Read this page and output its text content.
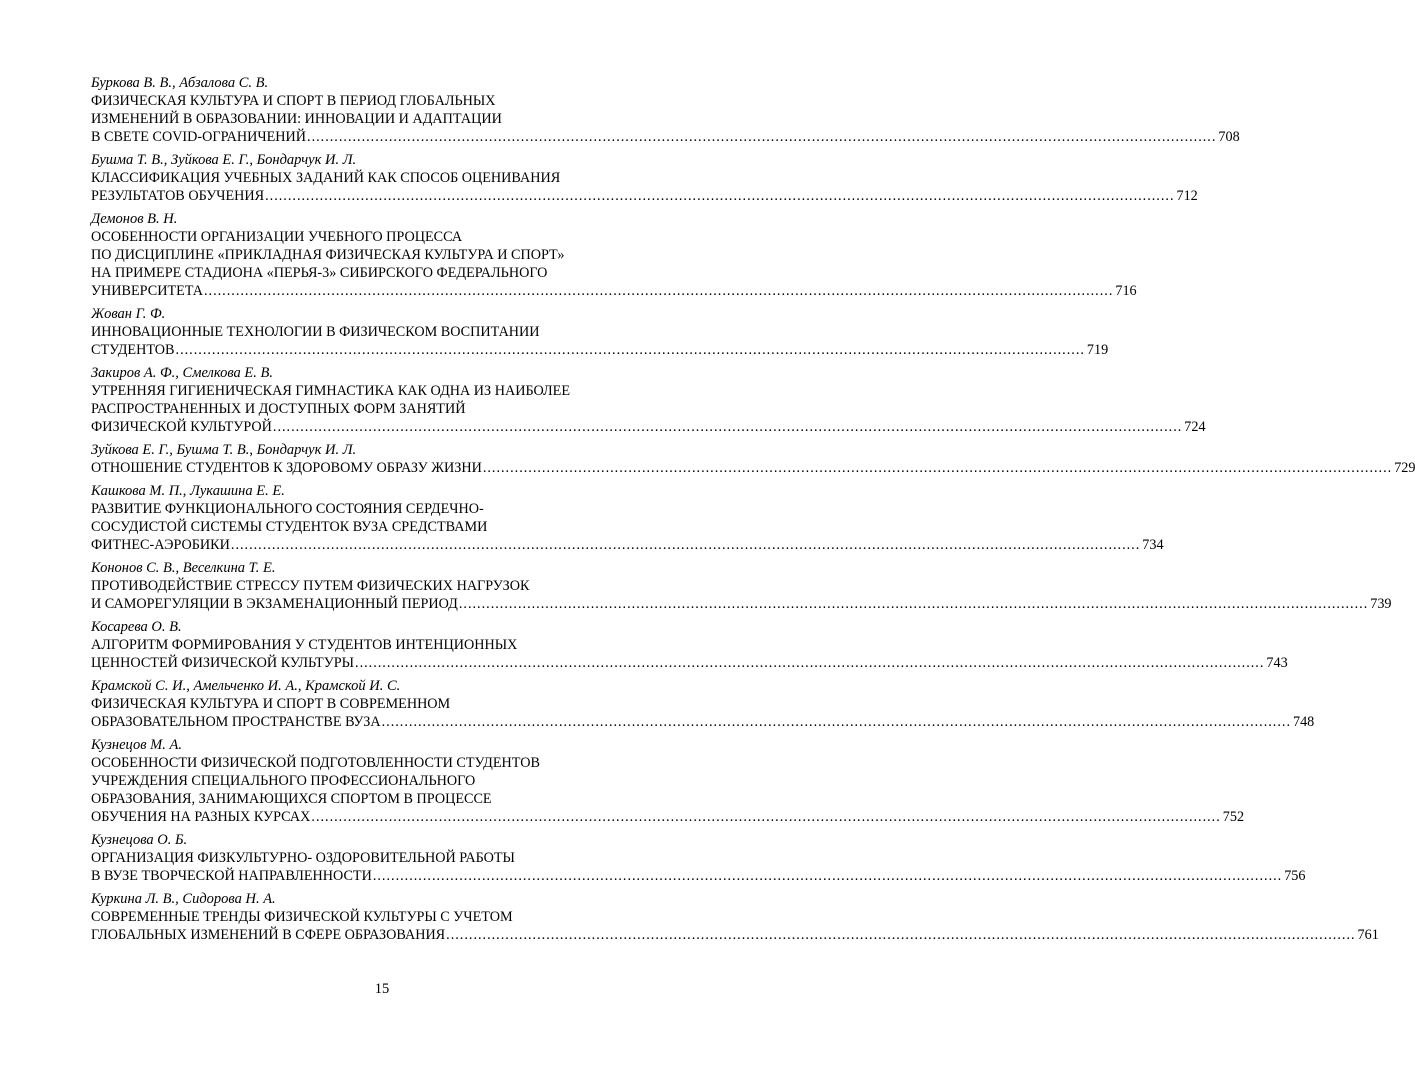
Буркова В. В., Абзалова С. В.
ФИЗИЧЕСКАЯ КУЛЬТУРА И СПОРТ В ПЕРИОД ГЛОБАЛЬНЫХ
ИЗМЕНЕНИЙ В ОБРАЗОВАНИИ: ИННОВАЦИИ И АДАПТАЦИИ
В СВЕТЕ COVID-ОГРАНИЧЕНИЙ ........................................................................................................................................................................................................ 708
Бушма Т. В., Зуйкова Е. Г., Бондарчук И. Л.
КЛАССИФИКАЦИЯ УЧЕБНЫХ ЗАДАНИЙ КАК СПОСОБ ОЦЕНИВАНИЯ
РЕЗУЛЬТАТОВ ОБУЧЕНИЯ ........................................................................................................................................................................................................ 712
Демонов В. Н.
ОСОБЕННОСТИ ОРГАНИЗАЦИИ УЧЕБНОГО ПРОЦЕССА
ПО ДИСЦИПЛИНЕ «ПРИКЛАДНАЯ ФИЗИЧЕСКАЯ КУЛЬТУРА И СПОРТ»
НА ПРИМЕРЕ СТАДИОНА «ПЕРЬЯ-3» СИБИРСКОГО ФЕДЕРАЛЬНОГО
УНИВЕРСИТЕТА ........................................................................................................................................................................................................ 716
Жован Г. Ф.
ИННОВАЦИОННЫЕ ТЕХНОЛОГИИ В ФИЗИЧЕСКОМ ВОСПИТАНИИ
СТУДЕНТОВ ........................................................................................................................................................................................................ 719
Закиров А. Ф., Смелкова Е. В.
УТРЕННЯЯ ГИГИЕНИЧЕСКАЯ ГИМНАСТИКА КАК ОДНА ИЗ НАИБОЛЕЕ
РАСПРОСТРАНЕННЫХ И ДОСТУПНЫХ ФОРМ ЗАНЯТИЙ
ФИЗИЧЕСКОЙ КУЛЬТУРОЙ ........................................................................................................................................................................................................ 724
Зуйкова Е. Г., Бушма Т. В., Бондарчук И. Л.
ОТНОШЕНИЕ СТУДЕНТОВ К ЗДОРОВОМУ ОБРАЗУ ЖИЗНИ ........................................................................................................................................................................................................ 729
Кашкова М. П., Лукашина Е. Е.
РАЗВИТИЕ ФУНКЦИОНАЛЬНОГО СОСТОЯНИЯ СЕРДЕЧНО-
СОСУДИСТОЙ СИСТЕМЫ СТУДЕНТОК ВУЗА СРЕДСТВАМИ
ФИТНЕС-АЭРОБИКИ ........................................................................................................................................................................................................ 734
Кононов С. В., Веселкина Т. Е.
ПРОТИВОДЕЙСТВИЕ СТРЕССУ ПУТЕМ ФИЗИЧЕСКИХ НАГРУЗОК
И САМОРЕГУЛЯЦИИ В ЭКЗАМЕНАЦИОННЫЙ ПЕРИОД ........................................................................................................................................................................................................ 739
Косарева О. В.
АЛГОРИТМ ФОРМИРОВАНИЯ У СТУДЕНТОВ ИНТЕНЦИОННЫХ
ЦЕННОСТЕЙ ФИЗИЧЕСКОЙ КУЛЬТУРЫ ........................................................................................................................................................................................................ 743
Крамской С. И., Амельченко И. А., Крамской И. С.
ФИЗИЧЕСКАЯ КУЛЬТУРА И СПОРТ В СОВРЕМЕННОМ
ОБРАЗОВАТЕЛЬНОМ ПРОСТРАНСТВЕ ВУЗА ........................................................................................................................................................................................................ 748
Кузнецов М. А.
ОСОБЕННОСТИ ФИЗИЧЕСКОЙ ПОДГОТОВЛЕННОСТИ СТУДЕНТОВ
УЧРЕЖДЕНИЯ СПЕЦИАЛЬНОГО ПРОФЕССИОНАЛЬНОГО
ОБРАЗОВАНИЯ, ЗАНИМАЮЩИХСЯ СПОРТОМ В ПРОЦЕССЕ
ОБУЧЕНИЯ НА РАЗНЫХ КУРСАХ ........................................................................................................................................................................................................ 752
Кузнецова О. Б.
ОРГАНИЗАЦИЯ ФИЗКУЛЬТУРНО- ОЗДОРОВИТЕЛЬНОЙ РАБОТЫ
В ВУЗЕ ТВОРЧЕСКОЙ НАПРАВЛЕННОСТИ ........................................................................................................................................................................................................ 756
Куркина Л. В., Сидорова Н. А.
СОВРЕМЕННЫЕ ТРЕНДЫ ФИЗИЧЕСКОЙ КУЛЬТУРЫ С УЧЕТОМ
ГЛОБАЛЬНЫХ ИЗМЕНЕНИЙ В СФЕРЕ ОБРАЗОВАНИЯ ........................................................................................................................................................................................................ 761
15
